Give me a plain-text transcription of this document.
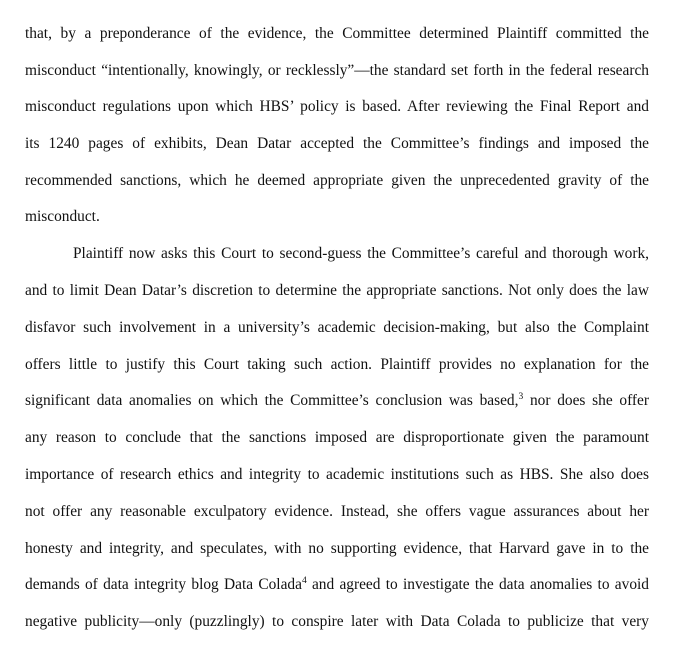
that, by a preponderance of the evidence, the Committee determined Plaintiff committed the
misconduct “intentionally, knowingly, or recklessly”—the standard set forth in the federal research
misconduct regulations upon which HBS’ policy is based. After reviewing the Final Report and
its 1240 pages of exhibits, Dean Datar accepted the Committee’s findings and imposed the
recommended sanctions, which he deemed appropriate given the unprecedented gravity of the
misconduct.
Plaintiff now asks this Court to second-guess the Committee’s careful and thorough work,
and to limit Dean Datar’s discretion to determine the appropriate sanctions. Not only does the law
disfavor such involvement in a university’s academic decision-making, but also the Complaint
offers little to justify this Court taking such action. Plaintiff provides no explanation for the
significant data anomalies on which the Committee’s conclusion was based,$^3$ nor does she offer
any reason to conclude that the sanctions imposed are disproportionate given the paramount
importance of research ethics and integrity to academic institutions such as HBS. She also does
not offer any reasonable exculpatory evidence. Instead, she offers vague assurances about her
honesty and integrity, and speculates, with no supporting evidence, that Harvard gave in to the
demands of data integrity blog Data Colada$^4$ and agreed to investigate the data anomalies to avoid
negative publicity—only (puzzlingly) to conspire later with Data Colada to publicize that very
